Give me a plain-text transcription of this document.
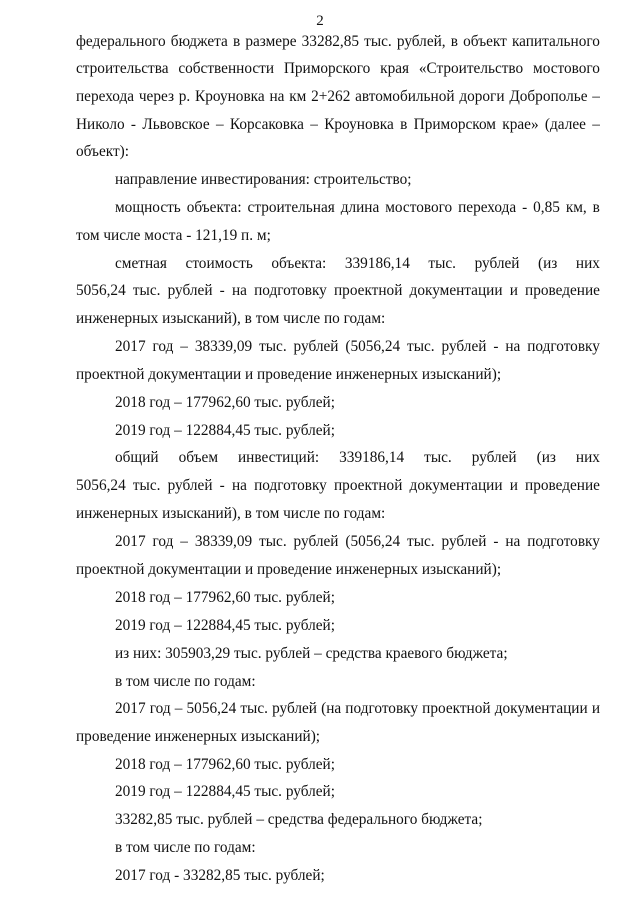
2
федерального бюджета в размере 33282,85 тыс. рублей, в объект капитального
строительства собственности Приморского края «Строительство мостового
перехода через р. Кроуновка на км 2+262 автомобильной дороги Доброполье –
Николо - Львовское – Корсаковка – Кроуновка в Приморском крае» (далее –
объект):
направление инвестирования: строительство;
мощность объекта: строительная длина мостового перехода - 0,85 км, в
том числе моста - 121,19 п. м;
сметная стоимость объекта: 339186,14 тыс. рублей (из них
5056,24 тыс. рублей - на подготовку проектной документации и проведение
инженерных изысканий), в том числе по годам:
2017 год – 38339,09 тыс. рублей (5056,24 тыс. рублей - на подготовку
проектной документации и проведение инженерных изысканий);
2018 год – 177962,60 тыс. рублей;
2019 год – 122884,45 тыс. рублей;
общий объем инвестиций: 339186,14 тыс. рублей (из них
5056,24 тыс. рублей - на подготовку проектной документации и проведение
инженерных изысканий), в том числе по годам:
2017 год – 38339,09 тыс. рублей (5056,24 тыс. рублей - на подготовку
проектной документации и проведение инженерных изысканий);
2018 год – 177962,60 тыс. рублей;
2019 год – 122884,45 тыс. рублей;
из них: 305903,29 тыс. рублей – средства краевого бюджета;
в том числе по годам:
2017 год – 5056,24 тыс. рублей (на подготовку проектной документации и
проведение инженерных изысканий);
2018 год – 177962,60 тыс. рублей;
2019 год – 122884,45 тыс. рублей;
33282,85 тыс. рублей – средства федерального бюджета;
в том числе по годам:
2017 год - 33282,85 тыс. рублей;
